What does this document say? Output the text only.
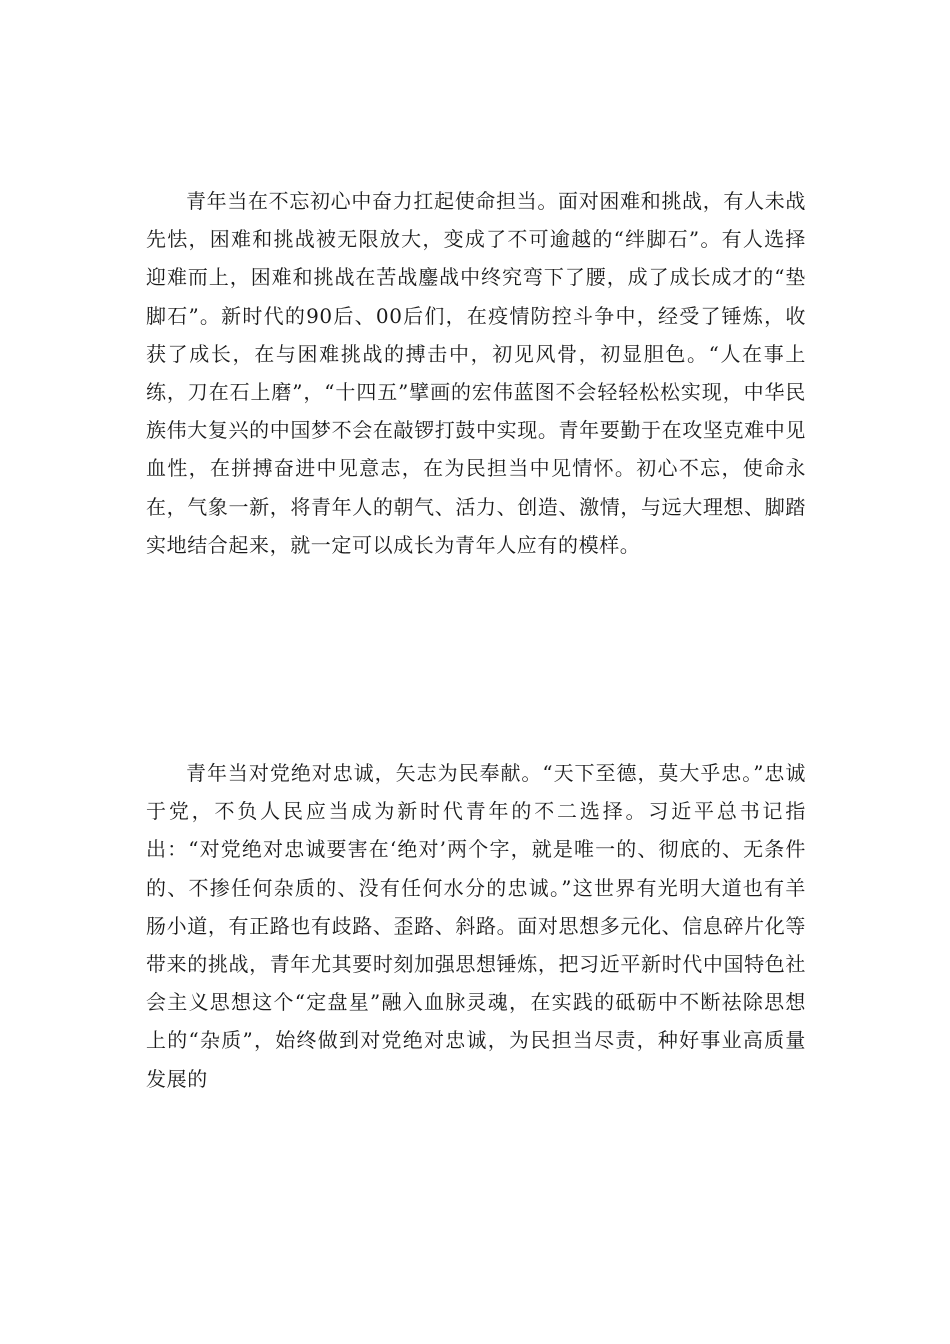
青年当在不忘初心中奋力扛起使命担当。面对困难和挑战，有人未战先怯，困难和挑战被无限放大，变成了不可逾越的“绊脚石”。有人选择迎难而上，困难和挑战在苦战鏖战中终究弯下了腰，成了成长成才的“垫脚石”。新时代的90后、00后们，在疫情防控斗争中，经受了锤炼，收获了成长，在与困难挑战的搏击中，初见风骨，初显胆色。“人在事上练，刀在石上磨”，“十四五”擘画的宏伟蓝图不会轻轻松松实现，中华民族伟大复兴的中国梦不会在敲锣打鼓中实现。青年要勤于在攻坚克难中见血性，在拼搏奋进中见意志，在为民担当中见情怀。初心不忘，使命永在，气象一新，将青年人的朝气、活力、创造、激情，与远大理想、脚踏实地结合起来，就一定可以成长为青年人应有的模样。

青年当对党绝对忠诚，矢志为民奉献。“天下至德，莫大乎忠。”忠诚于党，不负人民应当成为新时代青年的不二选择。习近平总书记指出：“对党绝对忠诚要害在‘绝对’两个字，就是唯一的、彻底的、无条件的、不掺任何杂质的、没有任何水分的忠诚。”这世界有光明大道也有羊肠小道，有正路也有歧路、歪路、斜路。面对思想多元化、信息碎片化等带来的挑战，青年尤其要时刻加强思想锤炼，把习近平新时代中国特色社会主义思想这个“定盘星”融入血脉灵魂，在实践的砥砺中不断祛除思想上的“杂质”，始终做到对党绝对忠诚，为民担当尽责，种好事业高质量发展的
